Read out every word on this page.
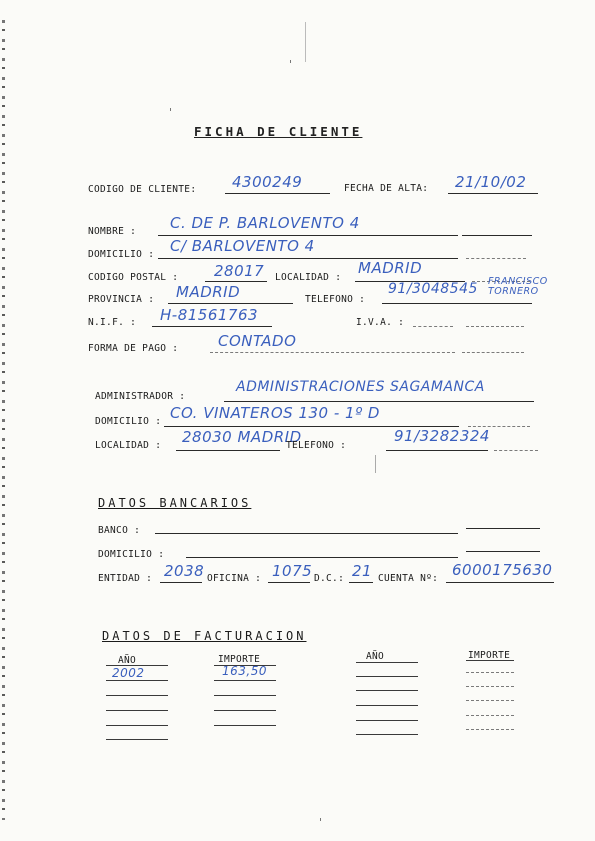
FICHA DE CLIENTE
CODIGO DE CLIENTE: 4300249	FECHA DE ALTA: 21/10/02
NOMBRE : C. DE P. BARLOVENTO 4
DOMICILIO : C/ BARLOVENTO 4
CODIGO POSTAL : 28017 LOCALIDAD :
MADRID
PROVINCIA : MADRID	TELEFONO :
91/3048545 FRANCISCO TORNERO
N.I.F. : H-81561763	I.V.A. :
FORMA DE PAGO :	CONTADO
ADMINISTRADOR :
ADMINISTRACIONES SAGAMANCA
DOMICILIO : CO. VINATEROS 130 - 1º D
LOCALIDAD : 28030 MADRID
TELEFONO :
91/3282324
DATOS BANCARIOS
BANCO :
DOMICILIO :
ENTIDAD : 2038 OFICINA : 1075 D.C.: 21 CUENTA Nº: 6000175630
DATOS DE FACTURACION
AÑO	IMPORTE	AÑO	IMPORTE
2002	163,50
